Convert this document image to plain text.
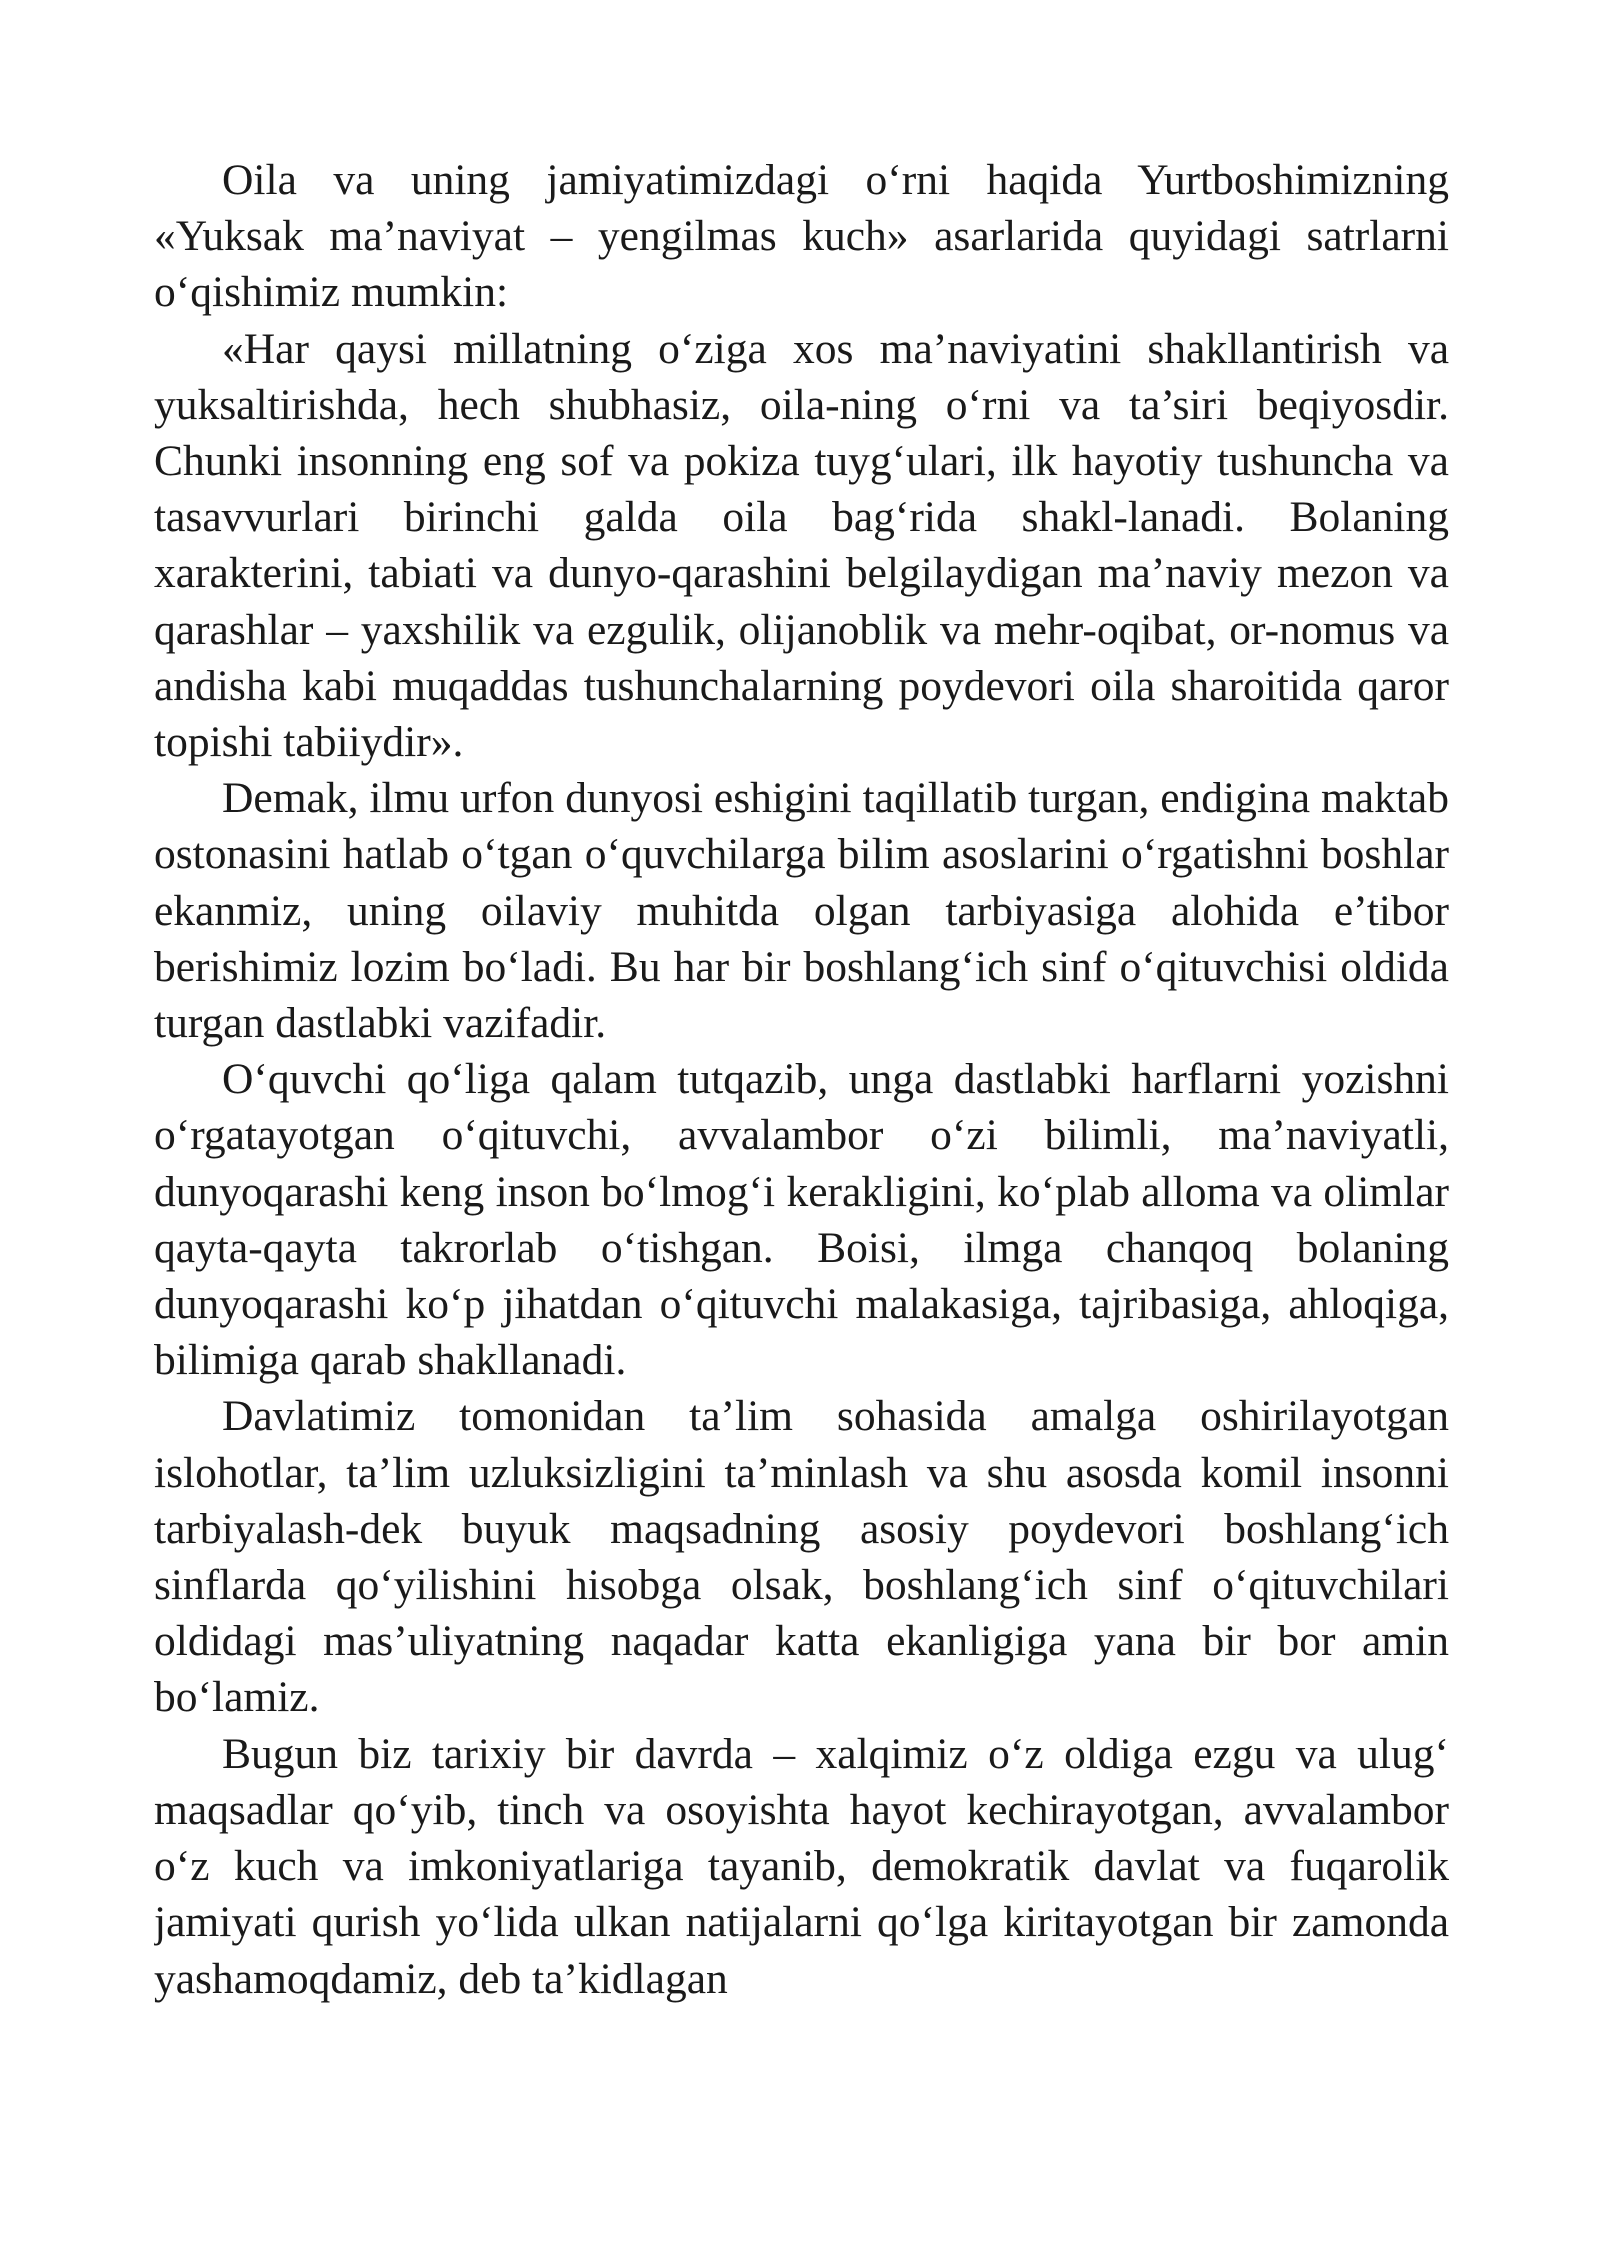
Oila va uning jamiyatimizdagi o‘rni haqida Yurtboshimizning «Yuksak ma’naviyat – yengilmas kuch» asarlarida quyidagi satrlarni o‘qishimiz mumkin:

«Har qaysi millatning o‘ziga xos ma’naviyatini shakllantirish va yuksaltirishda, hech shubhasiz, oila-ning o‘rni va ta’siri beqiyosdir. Chunki insonning eng sof va pokiza tuyg‘ulari, ilk hayotiy tushuncha va tasavvurlari birinchi galda oila bag‘rida shakl-lanadi. Bolaning xarakterini, tabiati va dunyo-qarashini belgilaydigan ma’naviy mezon va qarashlar – yaxshilik va ezgulik, olijanoblik va mehr-oqibat, or-nomus va andisha kabi muqaddas tushunchalarning poydevori oila sharoitida qaror topishi tabiiydir».

Demak, ilmu urfon dunyosi eshigini taqillatib turgan, endigina maktab ostonasini hatlab o‘tgan o‘quvchilarga bilim asoslarini o‘rgatishni boshlar ekanmiz, uning oilaviy muhitda olgan tarbiyasiga alohida e’tibor berishimiz lozim bo‘ladi. Bu har bir boshlang‘ich sinf o‘qituvchisi oldida turgan dastlabki vazifadir.

O‘quvchi qo‘liga qalam tutqazib, unga dastlabki harflarni yozishni o‘rgatayotgan o‘qituvchi, avvalambor o‘zi bilimli, ma’naviyatli, dunyoqarashi keng inson bo‘lmog‘i kerakligini, ko‘plab alloma va olimlar qayta-qayta takrorlab o‘tishgan. Boisi, ilmga chanqoq bolaning dunyoqarashi ko‘p jihatdan o‘qituvchi malakasiga, tajribasiga, ahloqiga, bilimiga qarab shakllanadi.

Davlatimiz tomonidan ta’lim sohasida amalga oshirilayotgan islohotlar, ta’lim uzluksizligini ta’minlash va shu asosda komil insonni tarbiyalash-dek buyuk maqsadning asosiy poydevori boshlang‘ich sinflarda qo‘yilishini hisobga olsak, boshlang‘ich sinf o‘qituvchilari oldidagi mas’uliyatning naqadar katta ekanligiga yana bir bor amin bo‘lamiz.

Bugun biz tarixiy bir davrda – xalqimiz o‘z oldiga ezgu va ulug‘ maqsadlar qo‘yib, tinch va osoyishta hayot kechirayotgan, avvalambor o‘z kuch va imkoniyatlariga tayanib, demokratik davlat va fuqarolik jamiyati qurish yo‘lida ulkan natijalarni qo‘lga kiritayotgan bir zamonda yashamoqdamiz, deb ta’kidlagan
